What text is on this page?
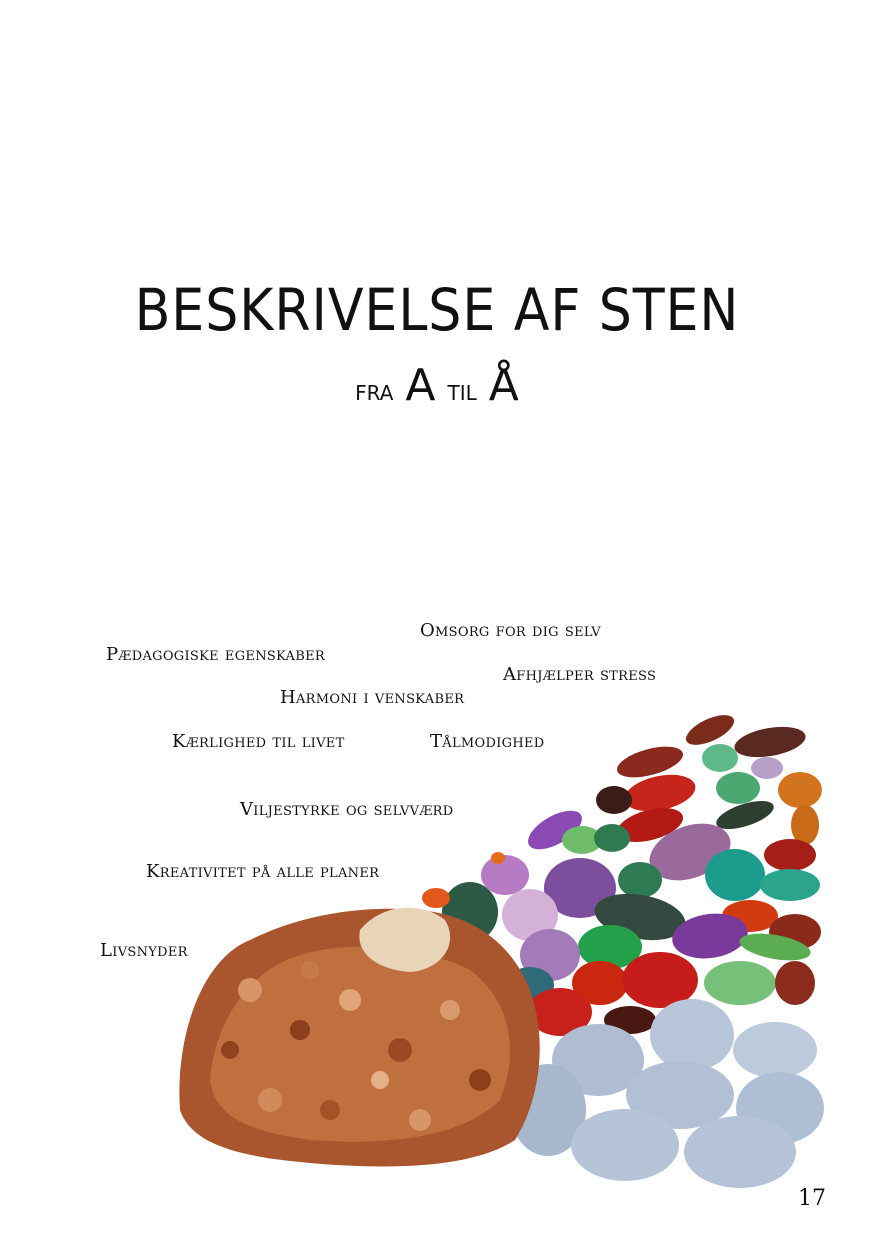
BESKRIVELSE AF STEN
fra A til Å
Omsorg for dig selv
Pædagogiske egenskaber
Afhjælper stress
Harmoni i venskaber
Kærlighed til livet	Tålmodighed
Viljestyrke og selvværd
Kreativitet på alle planer
Livsnyder
17
